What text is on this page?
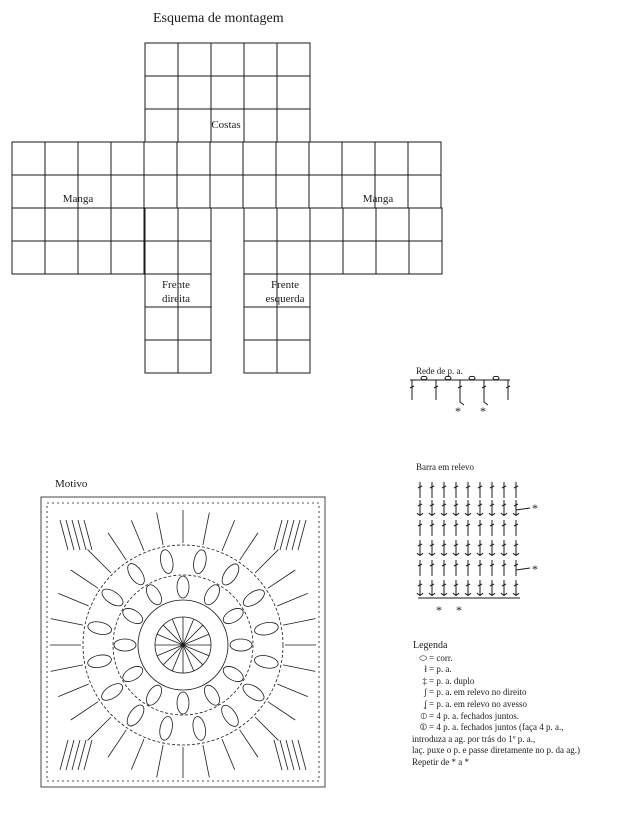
Esquema de montagem
Costas
Manga	Manga
Frente
direita
Frente
esquerda
Rede de p. a.
* *
Barra em relevo
*
*
* *
Motivo
Legenda
⬭ = corr.
ł = p. a.
‡ = p. a. duplo
ʃ = p. a. em relevo no direito
ʆ = p. a. em relevo no avesso
⦶ = 4 p. a. fechados juntos.
⦷ = 4 p. a. fechados juntos (faça 4 p. a.,
introduza a ag. por trás do 1º p. a.,
laç. puxe o p. e passe diretamente no p. da ag.)
Repetir de * a *
